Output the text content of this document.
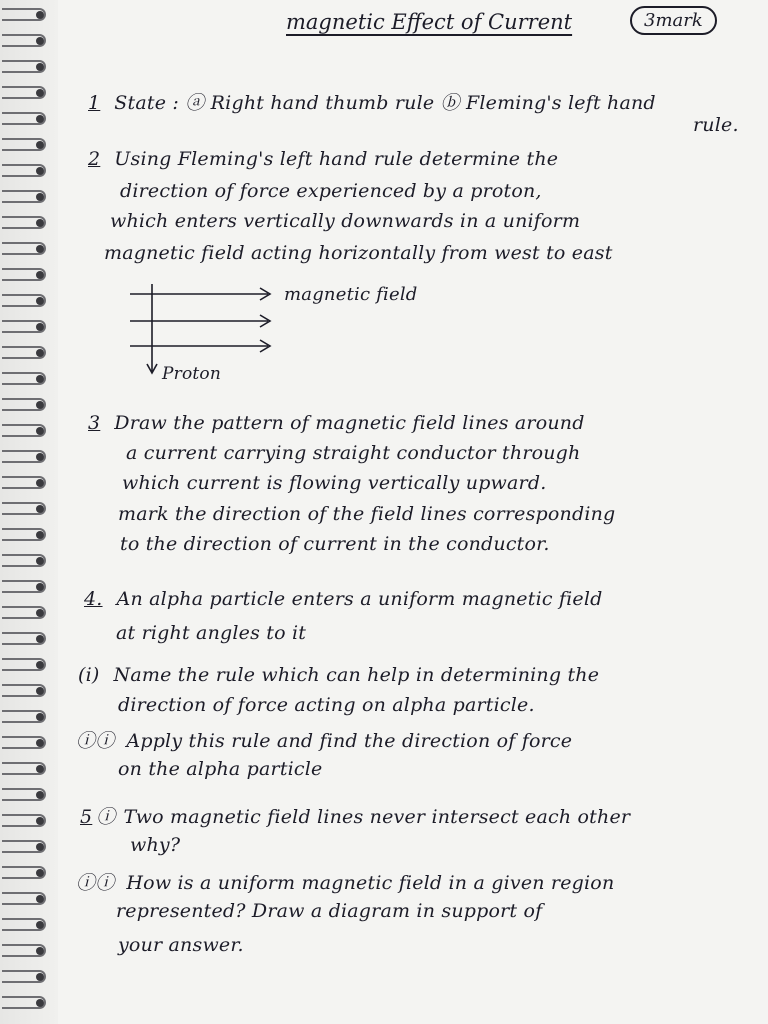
magnetic Effect of Current	3mark
1 State : ⓐ Right hand thumb rule ⓑ Fleming's left hand
rule.
2 Using Fleming's left hand rule determine the
direction of force experienced by a proton,
which enters vertically downwards in a uniform
magnetic field acting horizontally from west to east
magnetic field
Proton
3 Draw the pattern of magnetic field lines around
a current carrying straight conductor through
which current is flowing vertically upward.
mark the direction of the field lines corresponding
to the direction of current in the conductor.
4. An alpha particle enters a uniform magnetic field
at right angles to it
(i) Name the rule which can help in determining the
direction of force acting on alpha particle.
ⓘⓘ Apply this rule and find the direction of force
on the alpha particle
5 ⓘ Two magnetic field lines never intersect each other
why?
ⓘⓘ How is a uniform magnetic field in a given region
represented? Draw a diagram in support of
your answer.
